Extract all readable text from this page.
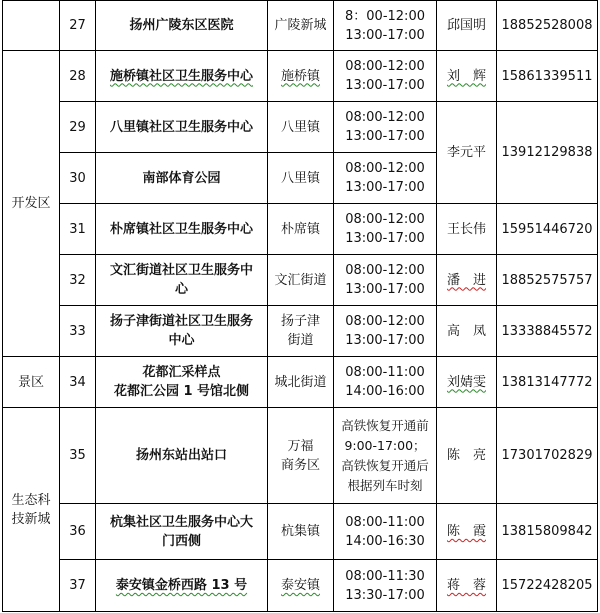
	27	扬州广陵东区医院	广陵新城	8：00-12:00
13:00-17:00	邱国明	18852528008
开发区	28	施桥镇社区卫生服务中心	施桥镇	08:00-12:00
13:00-17:00	刘　辉	15861339511
	29	八里镇社区卫生服务中心	八里镇	08:00-12:00
13:00-17:00	李元平	13912129838
	30	南部体育公园	八里镇	08:00-12:00
13:00-17:00		

	31	朴席镇社区卫生服务中心	朴席镇	08:00-12:00
13:00-17:00	王长伟	15951446720
	32	文汇街道社区卫生服务中
心	文汇街道	08:00-12:00
13:00-17:00	潘　进	18852575757
	33	扬子津街道社区卫生服务
中心	扬子津
街道	08:00-12:00
13:00-17:00	高　凤	13338845572
景区	34	花都汇采样点
花都汇公园 1 号馆北侧	城北街道	08:00-11:00
14:00-16:00	刘婧雯	13813147772

生态科
技新城	35	扬州东站出站口	万福
商务区	高铁恢复开通前
9:00-17:00；
高铁恢复开通后
根据列车时刻	陈　亮	17301702829
	36	杭集社区卫生服务中心大
门西侧	杭集镇	08:00-11:00
14:00-16:30	陈　霞	13815809842
	37	泰安镇金桥西路 13 号	泰安镇	08:00-11:30
13:30-17:00	蒋　蓉	15722428205
